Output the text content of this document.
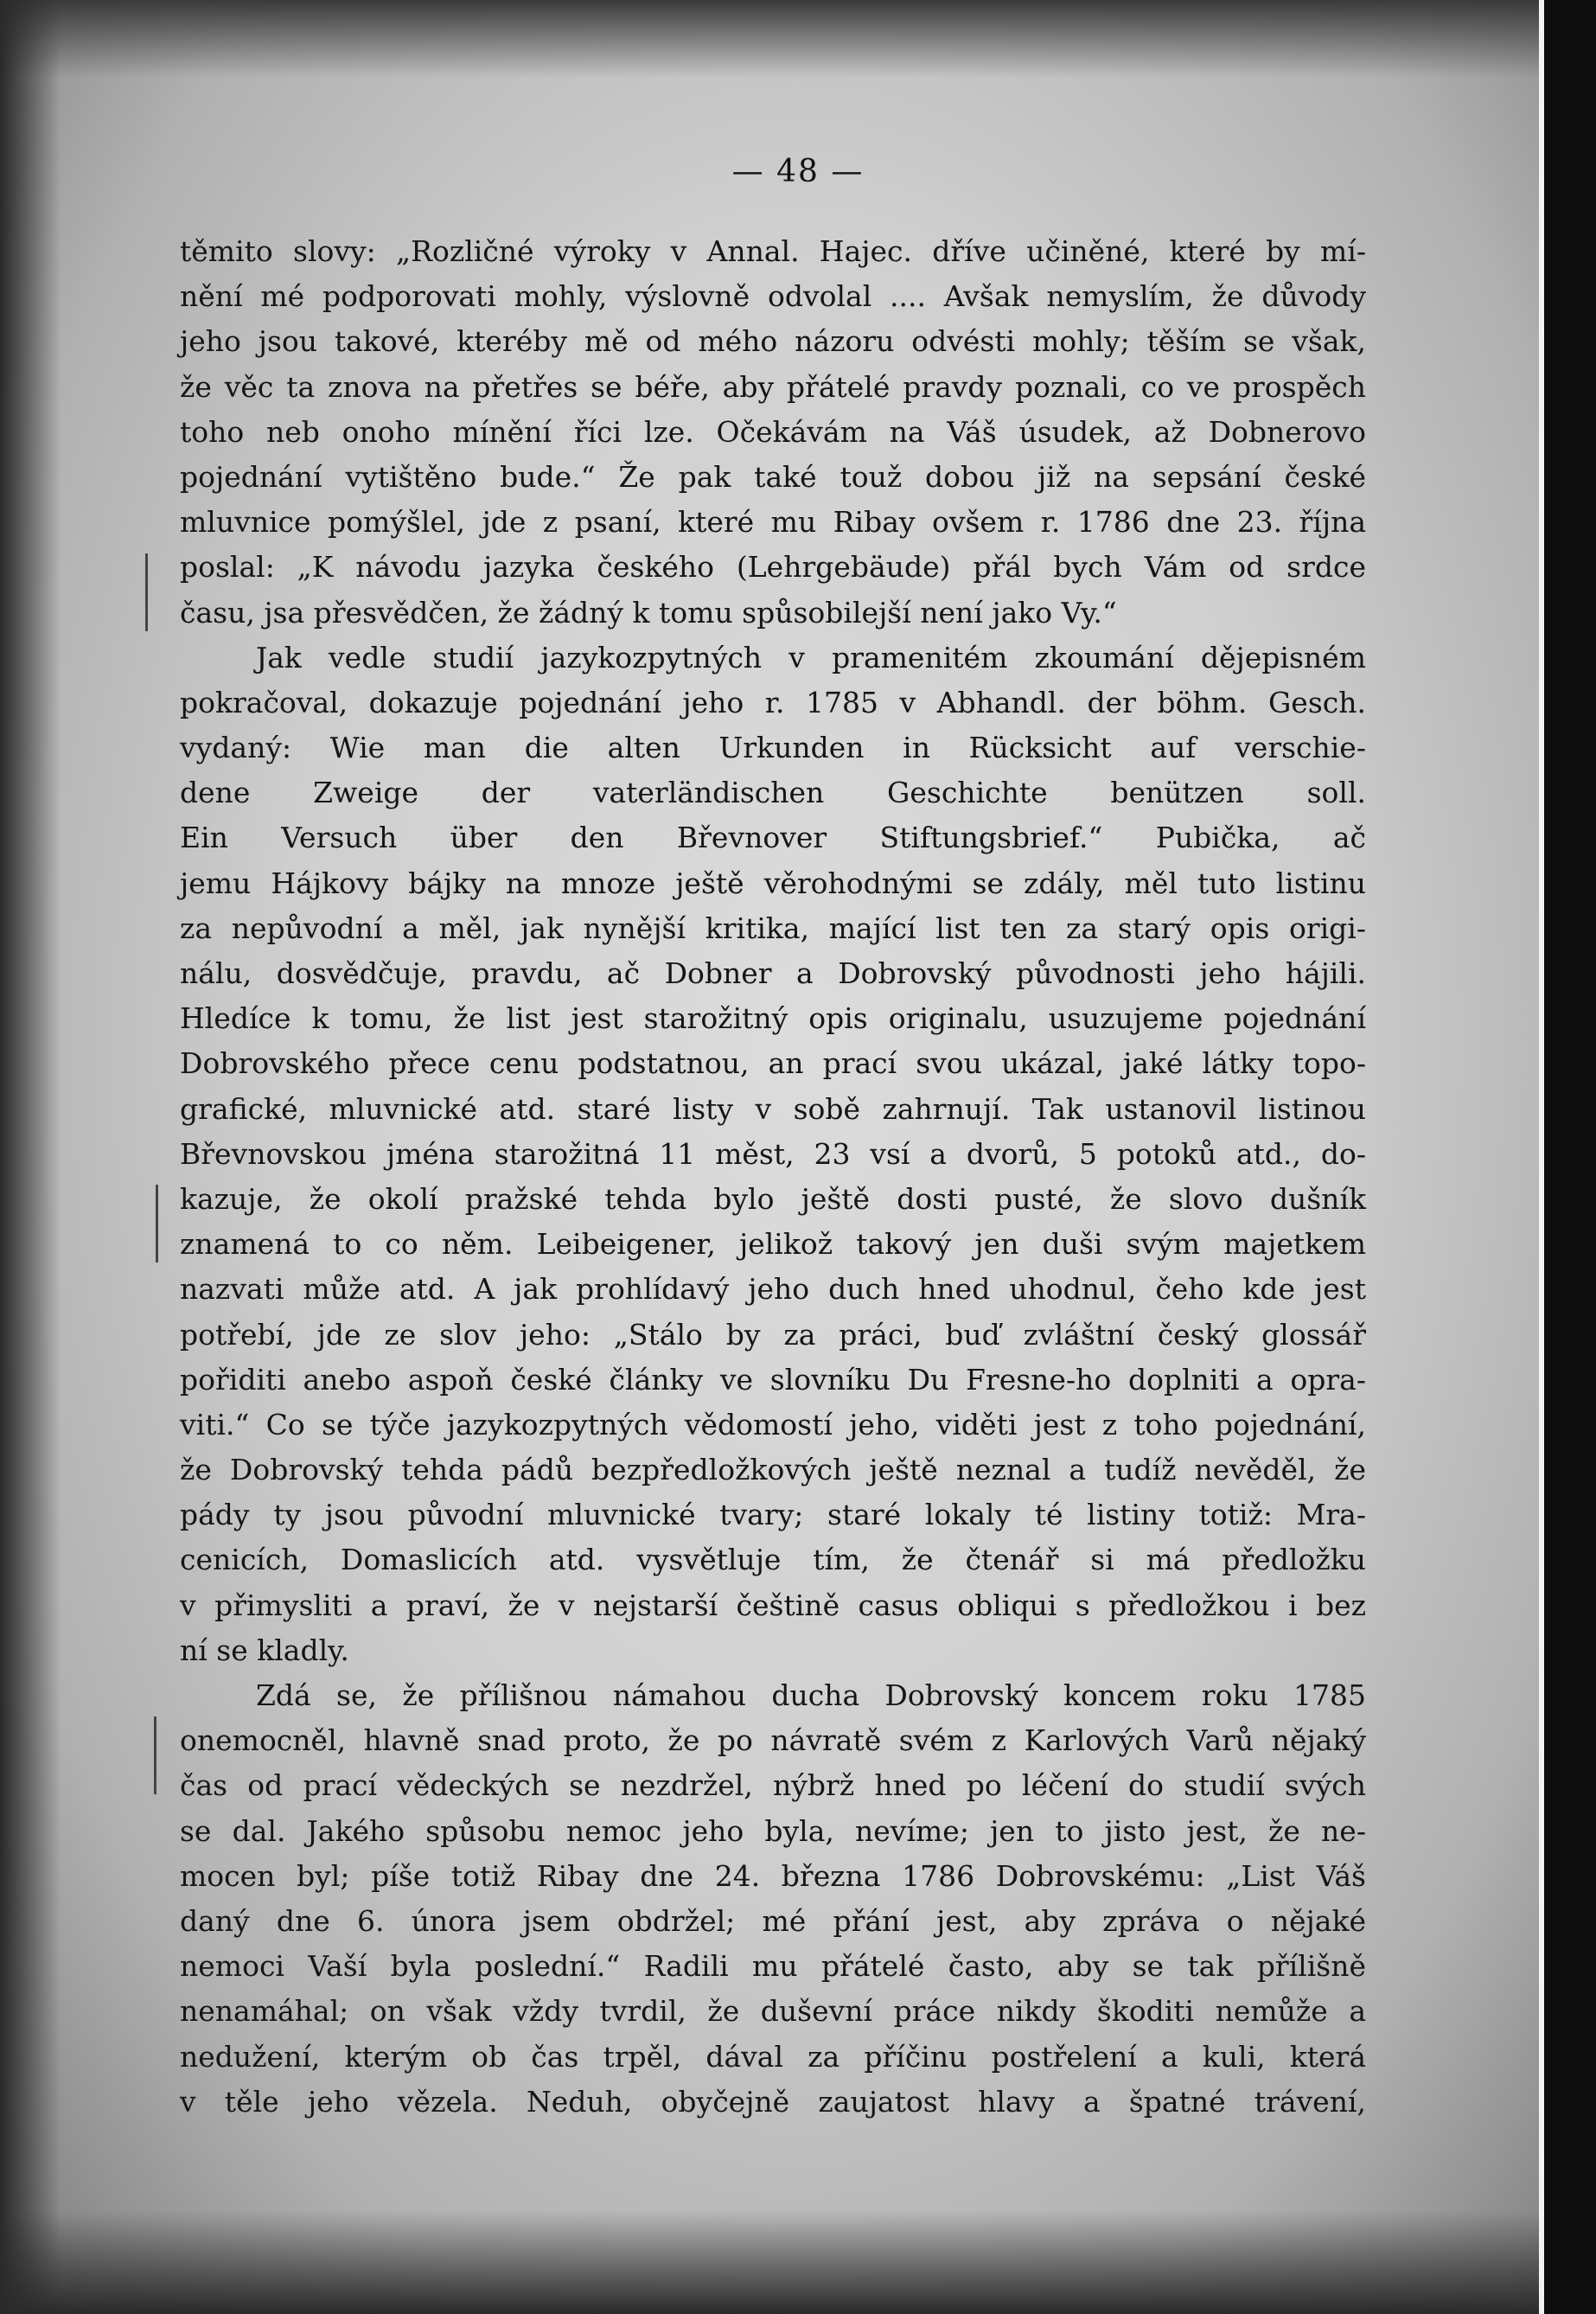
— 48 —
těmito slovy: „Rozličné výroky v Annal. Hajec. dříve učiněné, které by mí-
nění mé podporovati mohly, výslovně odvolal .... Avšak nemyslím, že důvody
jeho jsou takové, kteréby mě od mého názoru odvésti mohly; těším se však,
že věc ta znova na přetřes se béře, aby přátelé pravdy poznali, co ve prospěch
toho neb onoho mínění říci lze. Očekávám na Váš úsudek, až Dobnerovo
pojednání vytištěno bude.“ Že pak také touž dobou již na sepsání české
mluvnice pomýšlel, jde z psaní, které mu Ribay ovšem r. 1786 dne 23. října
poslal: „K návodu jazyka českého (Lehrgebäude) přál bych Vám od srdce
času, jsa přesvědčen, že žádný k tomu spůsobilejší není jako Vy.“
Jak vedle studií jazykozpytných v pramenitém zkoumání dějepisném
pokračoval, dokazuje pojednání jeho r. 1785 v Abhandl. der böhm. Gesch.
vydaný: Wie man die alten Urkunden in Rücksicht auf verschie-
dene Zweige der vaterländischen Geschichte benützen soll.
Ein Versuch über den Břevnover Stiftungsbrief.“ Pubička, ač
jemu Hájkovy bájky na mnoze ještě věrohodnými se zdály, měl tuto listinu
za nepůvodní a měl, jak nynější kritika, mající list ten za starý opis origi-
nálu, dosvědčuje, pravdu, ač Dobner a Dobrovský původnosti jeho hájili.
Hledíce k tomu, že list jest starožitný opis originalu, usuzujeme pojednání
Dobrovského přece cenu podstatnou, an prací svou ukázal, jaké látky topo-
grafické, mluvnické atd. staré listy v sobě zahrnují. Tak ustanovil listinou
Břevnovskou jména starožitná 11 měst, 23 vsí a dvorů, 5 potoků atd., do-
kazuje, že okolí pražské tehda bylo ještě dosti pusté, že slovo dušník
znamená to co něm. Leibeigener, jelikož takový jen duši svým majetkem
nazvati může atd. A jak prohlídavý jeho duch hned uhodnul, čeho kde jest
potřebí, jde ze slov jeho: „Stálo by za práci, buď zvláštní český glossář
pořiditi anebo aspoň české články ve slovníku Du Fresne-ho doplniti a opra-
viti.“ Co se týče jazykozpytných vědomostí jeho, viděti jest z toho pojednání,
že Dobrovský tehda pádů bezpředložkových ještě neznal a tudíž nevěděl, že
pády ty jsou původní mluvnické tvary; staré lokaly té listiny totiž: Mra-
cenicích, Domaslicích atd. vysvětluje tím, že čtenář si má předložku
v přimysliti a praví, že v nejstarší češtině casus obliqui s předložkou i bez
ní se kladly.
Zdá se, že přílišnou námahou ducha Dobrovský koncem roku 1785
onemocněl, hlavně snad proto, že po návratě svém z Karlových Varů nějaký
čas od prací vědeckých se nezdržel, nýbrž hned po léčení do studií svých
se dal. Jakého spůsobu nemoc jeho byla, nevíme; jen to jisto jest, že ne-
mocen byl; píše totiž Ribay dne 24. března 1786 Dobrovskému: „List Váš
daný dne 6. února jsem obdržel; mé přání jest, aby zpráva o nějaké
nemoci Vaší byla poslední.“ Radili mu přátelé často, aby se tak přílišně
nenamáhal; on však vždy tvrdil, že duševní práce nikdy škoditi nemůže a
nedužení, kterým ob čas trpěl, dával za příčinu postřelení a kuli, která
v těle jeho vězela. Neduh, obyčejně zaujatost hlavy a špatné trávení,
